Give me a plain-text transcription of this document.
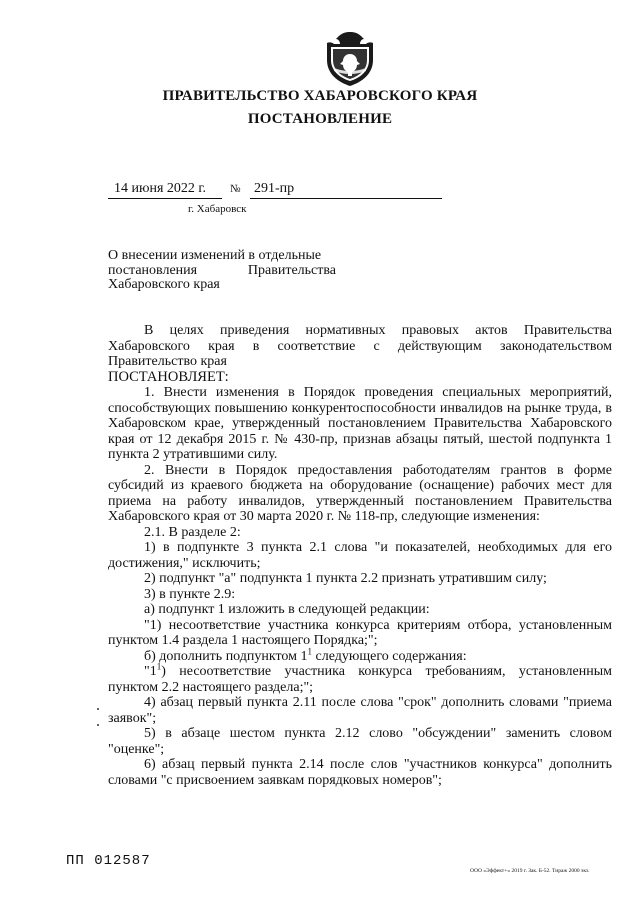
ПРАВИТЕЛЬСТВО ХАБАРОВСКОГО КРАЯ
ПОСТАНОВЛЕНИЕ
14 июня 2022 г. № 291-пр
г. Хабаровск
О внесении изменений в отдельные
постановления Правительства
Хабаровского края

В целях приведения нормативных правовых актов Правительства Хабаровского края в соответствие с действующим законодательством Правительство края

ПОСТАНОВЛЯЕТ:

1. Внести изменения в Порядок проведения специальных мероприятий, способствующих повышению конкурентоспособности инвалидов на рынке труда, в Хабаровском крае, утвержденный постановлением Правительства Хабаровского края от 12 декабря 2015 г. № 430-пр, признав абзацы пятый, шестой подпункта 1 пункта 2 утратившими силу.

2. Внести в Порядок предоставления работодателям грантов в форме субсидий из краевого бюджета на оборудование (оснащение) рабочих мест для приема на работу инвалидов, утвержденный постановлением Правительства Хабаровского края от 30 марта 2020 г. № 118-пр, следующие изменения:

2.1. В разделе 2:

1) в подпункте 3 пункта 2.1 слова "и показателей, необходимых для его достижения," исключить;

2) подпункт "а" подпункта 1 пункта 2.2 признать утратившим силу;

3) в пункте 2.9:

а) подпункт 1 изложить в следующей редакции:

"1) несоответствие участника конкурса критериям отбора, установленным пунктом 1.4 раздела 1 настоящего Порядка;";

б) дополнить подпунктом $1^1$ следующего содержания:

"$1^1$) несоответствие участника конкурса требованиям, установленным пунктом 2.2 настоящего раздела;";

4) абзац первый пункта 2.11 после слова "срок" дополнить словами "приема заявок";

5) в абзаце шестом пункта 2.12 слово "обсуждении" заменить словом "оценке";

6) абзац первый пункта 2.14 после слов "участников конкурса" дополнить словами "с присвоением заявкам порядковых номеров";

ПП 012587
ООО «Эффект+» 2019 г. Зак. Б-52. Тираж 2000 экз.
